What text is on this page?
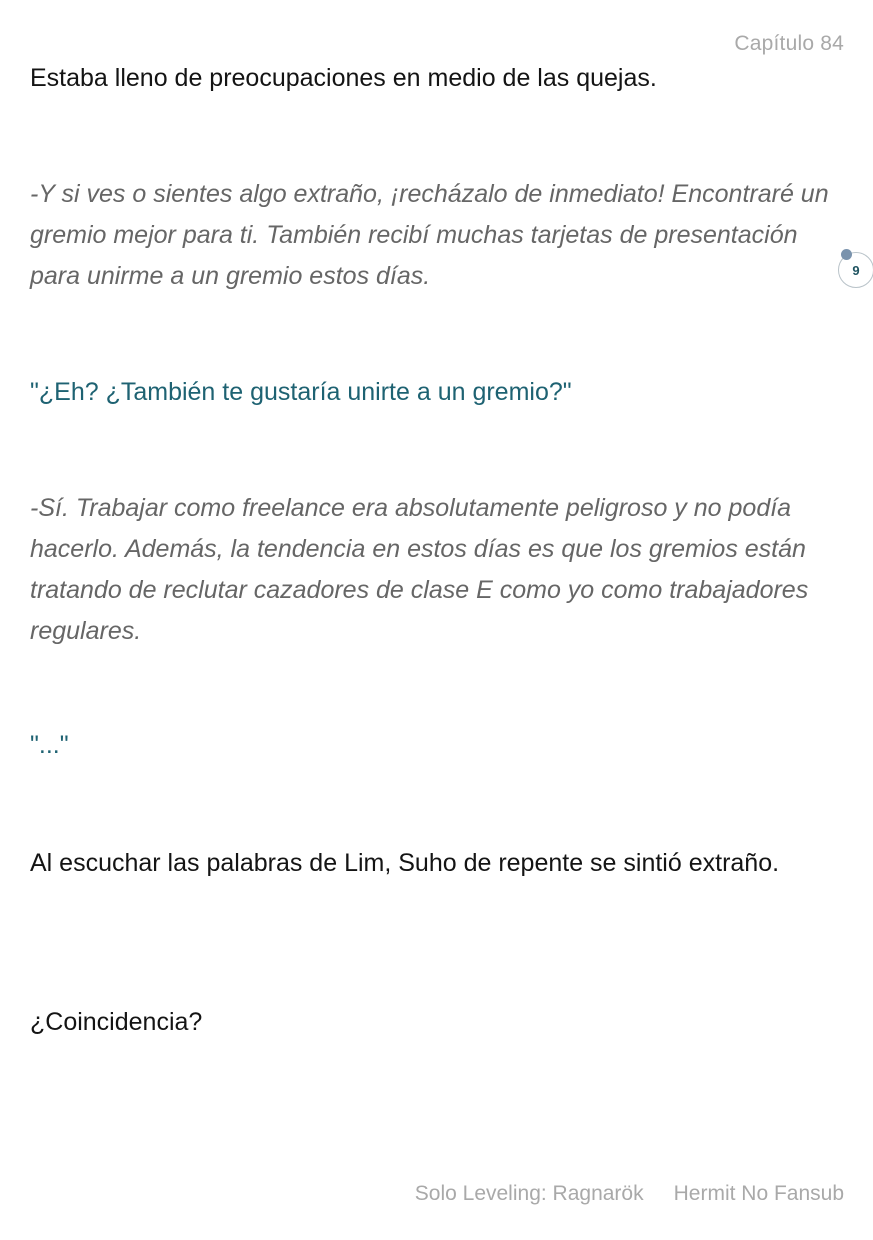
Capítulo 84

Estaba lleno de preocupaciones en medio de las quejas.

-Y si ves o sientes algo extraño, ¡recházalo de inmediato! Encontraré un gremio mejor para ti. También recibí muchas tarjetas de presentación para unirme a un gremio estos días.

"¿Eh? ¿También te gustaría unirte a un gremio?"

-Sí. Trabajar como freelance era absolutamente peligroso y no podía hacerlo. Además, la tendencia en estos días es que los gremios están tratando de reclutar cazadores de clase E como yo como trabajadores regulares.

"..."

Al escuchar las palabras de Lim, Suho de repente se sintió extraño.

¿Coincidencia?

9
Solo Leveling: Ragnarök Hermit No Fansub
